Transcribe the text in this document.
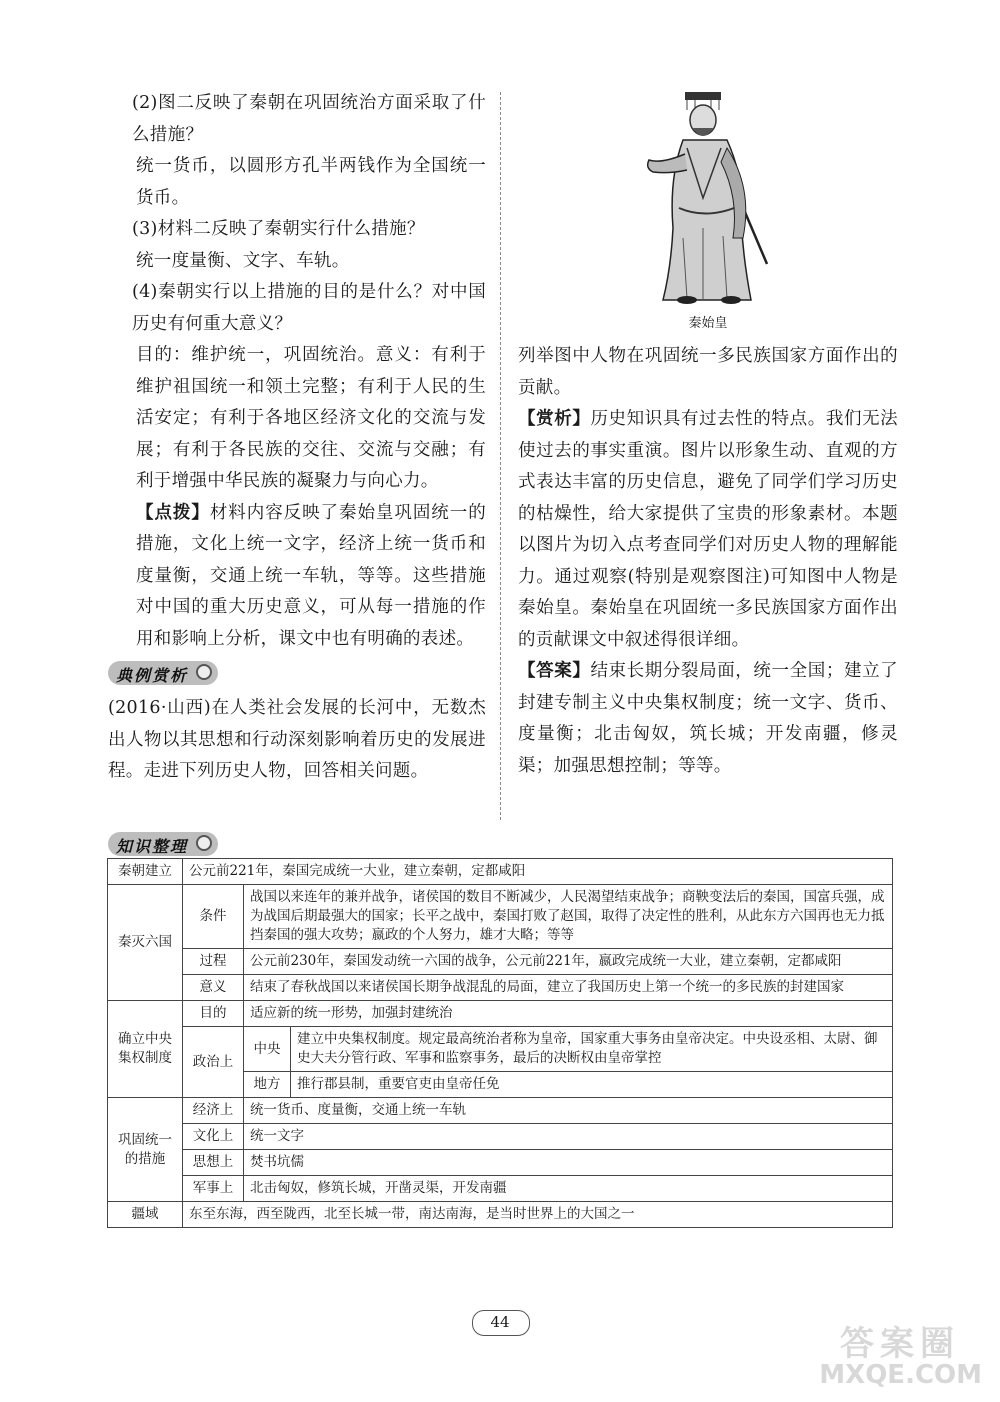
(2)图二反映了秦朝在巩固统治方面采取了什么措施？

统一货币，以圆形方孔半两钱作为全国统一货币。

(3)材料二反映了秦朝实行什么措施？

统一度量衡、文字、车轨。

(4)秦朝实行以上措施的目的是什么？对中国历史有何重大意义？

目的：维护统一，巩固统治。意义：有利于维护祖国统一和领土完整；有利于人民的生活安定；有利于各地区经济文化的交流与发展；有利于各民族的交往、交流与交融；有利于增强中华民族的凝聚力与向心力。

【点拨】材料内容反映了秦始皇巩固统一的措施，文化上统一文字，经济上统一货币和度量衡，交通上统一车轨，等等。这些措施对中国的重大历史意义，可从每一措施的作用和影响上分析，课文中也有明确的表述。

典例赏析

(2016·山西)在人类社会发展的长河中，无数杰出人物以其思想和行动深刻影响着历史的发展进程。走进下列历史人物，回答相关问题。

秦始皇

列举图中人物在巩固统一多民族国家方面作出的贡献。

【赏析】历史知识具有过去性的特点。我们无法使过去的事实重演。图片以形象生动、直观的方式表达丰富的历史信息，避免了同学们学习历史的枯燥性，给大家提供了宝贵的形象素材。本题以图片为切入点考查同学们对历史人物的理解能力。通过观察(特别是观察图注)可知图中人物是秦始皇。秦始皇在巩固统一多民族国家方面作出的贡献课文中叙述得很详细。

【答案】结束长期分裂局面，统一全国；建立了封建专制主义中央集权制度；统一文字、货币、度量衡；北击匈奴，筑长城；开发南疆，修灵渠；加强思想控制；等等。

知识整理
秦朝建立	公元前221年，秦国完成统一大业，建立秦朝，定都咸阳		
秦灭六国	条件	战国以来连年的兼并战争，诸侯国的数目不断减少，人民渴望结束战争；商鞅变法后的秦国，国富兵强，成为战国后期最强大的国家；长平之战中，秦国打败了赵国，取得了决定性的胜利，从此东方六国再也无力抵挡秦国的强大攻势；嬴政的个人努力，雄才大略；等等	
	过程	公元前230年，秦国发动统一六国的战争，公元前221年，嬴政完成统一大业，建立秦朝，定都咸阳	
	意义	结束了春秋战国以来诸侯国长期争战混乱的局面，建立了我国历史上第一个统一的多民族的封建国家	
确立中央集权制度	目的	适应新的统一形势，加强封建统治	
	政治上	中央	建立中央集权制度。规定最高统治者称为皇帝，国家重大事务由皇帝决定。中央设丞相、太尉、御史大夫分管行政、军事和监察事务，最后的决断权由皇帝掌控
		地方	推行郡县制，重要官吏由皇帝任免
巩固统一的措施	经济上	统一货币、度量衡，交通上统一车轨	
	文化上	统一文字	
	思想上	焚书坑儒	
	军事上	北击匈奴，修筑长城，开凿灵渠，开发南疆	
疆域	东至东海，西至陇西，北至长城一带，南达南海，是当时世界上的大国之一		
44
答案圈
MXQE.COM
